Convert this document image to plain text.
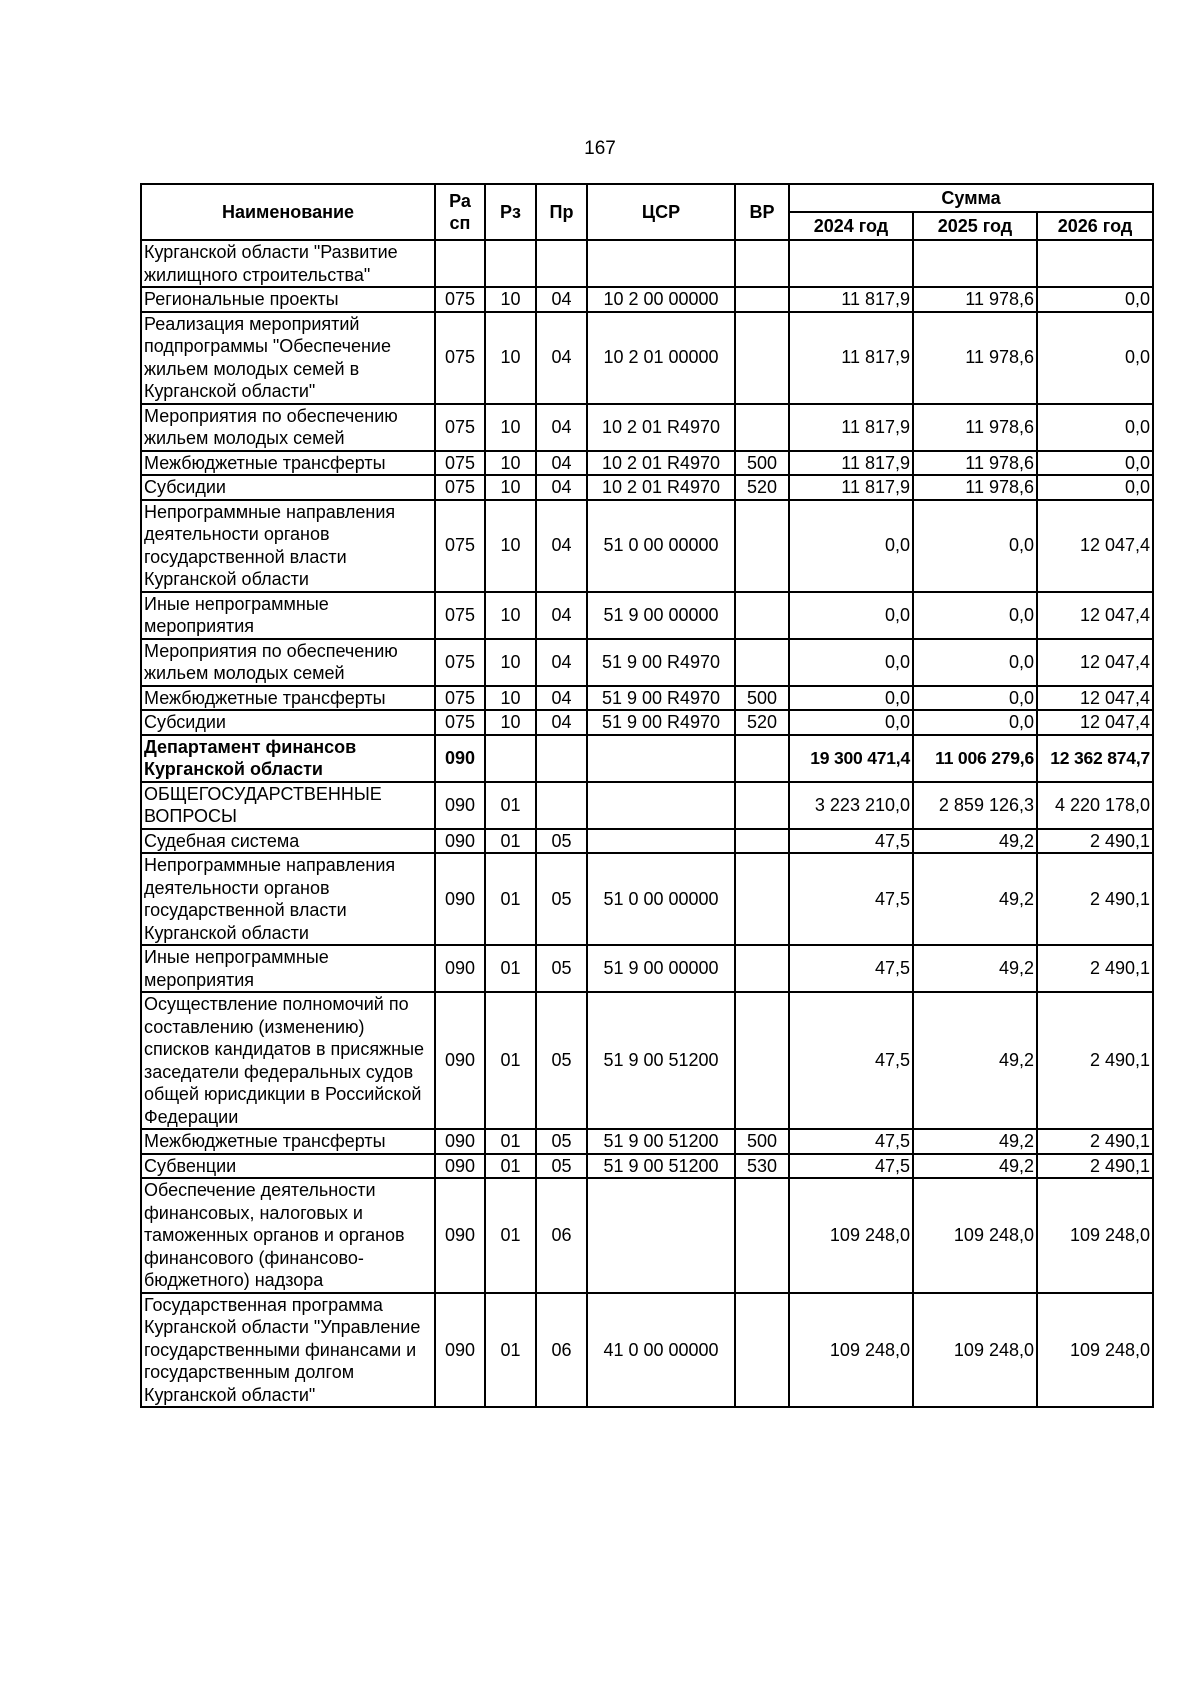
167
Наименование	Ра сп	Рз	Пр	ЦСР	ВР	Сумма		
						2024 год	2025 год	2026 год
Курганской области "Развитие жилищного строительства"								
Региональные проекты	075	10	04	10 2 00 00000		11 817,9	11 978,6	0,0
Реализация мероприятий подпрограммы "Обеспечение жильем молодых семей в Курганской области"	075	10	04	10 2 01 00000		11 817,9	11 978,6	0,0
Мероприятия по обеспечению жильем молодых семей	075	10	04	10 2 01 R4970		11 817,9	11 978,6	0,0
Межбюджетные трансферты	075	10	04	10 2 01 R4970	500	11 817,9	11 978,6	0,0
Субсидии	075	10	04	10 2 01 R4970	520	11 817,9	11 978,6	0,0
Непрограммные направления деятельности органов государственной власти Курганской области	075	10	04	51 0 00 00000		0,0	0,0	12 047,4
Иные непрограммные мероприятия	075	10	04	51 9 00 00000		0,0	0,0	12 047,4
Мероприятия по обеспечению жильем молодых семей	075	10	04	51 9 00 R4970		0,0	0,0	12 047,4
Межбюджетные трансферты	075	10	04	51 9 00 R4970	500	0,0	0,0	12 047,4
Субсидии	075	10	04	51 9 00 R4970	520	0,0	0,0	12 047,4
Департамент финансов Курганской области	090					19 300 471,4	11 006 279,6	12 362 874,7
ОБЩЕГОСУДАРСТВЕННЫЕ ВОПРОСЫ	090	01				3 223 210,0	2 859 126,3	4 220 178,0
Судебная система	090	01	05			47,5	49,2	2 490,1
Непрограммные направления деятельности органов государственной власти Курганской области	090	01	05	51 0 00 00000		47,5	49,2	2 490,1
Иные непрограммные мероприятия	090	01	05	51 9 00 00000		47,5	49,2	2 490,1
Осуществление полномочий по составлению (изменению) списков кандидатов в присяжные заседатели федеральных судов общей юрисдикции в Российской Федерации	090	01	05	51 9 00 51200		47,5	49,2	2 490,1
Межбюджетные трансферты	090	01	05	51 9 00 51200	500	47,5	49,2	2 490,1
Субвенции	090	01	05	51 9 00 51200	530	47,5	49,2	2 490,1
Обеспечение деятельности финансовых, налоговых и таможенных органов и органов финансового (финансово-бюджетного) надзора	090	01	06			109 248,0	109 248,0	109 248,0
Государственная программа Курганской области "Управление государственными финансами и государственным долгом Курганской области"	090	01	06	41 0 00 00000		109 248,0	109 248,0	109 248,0
